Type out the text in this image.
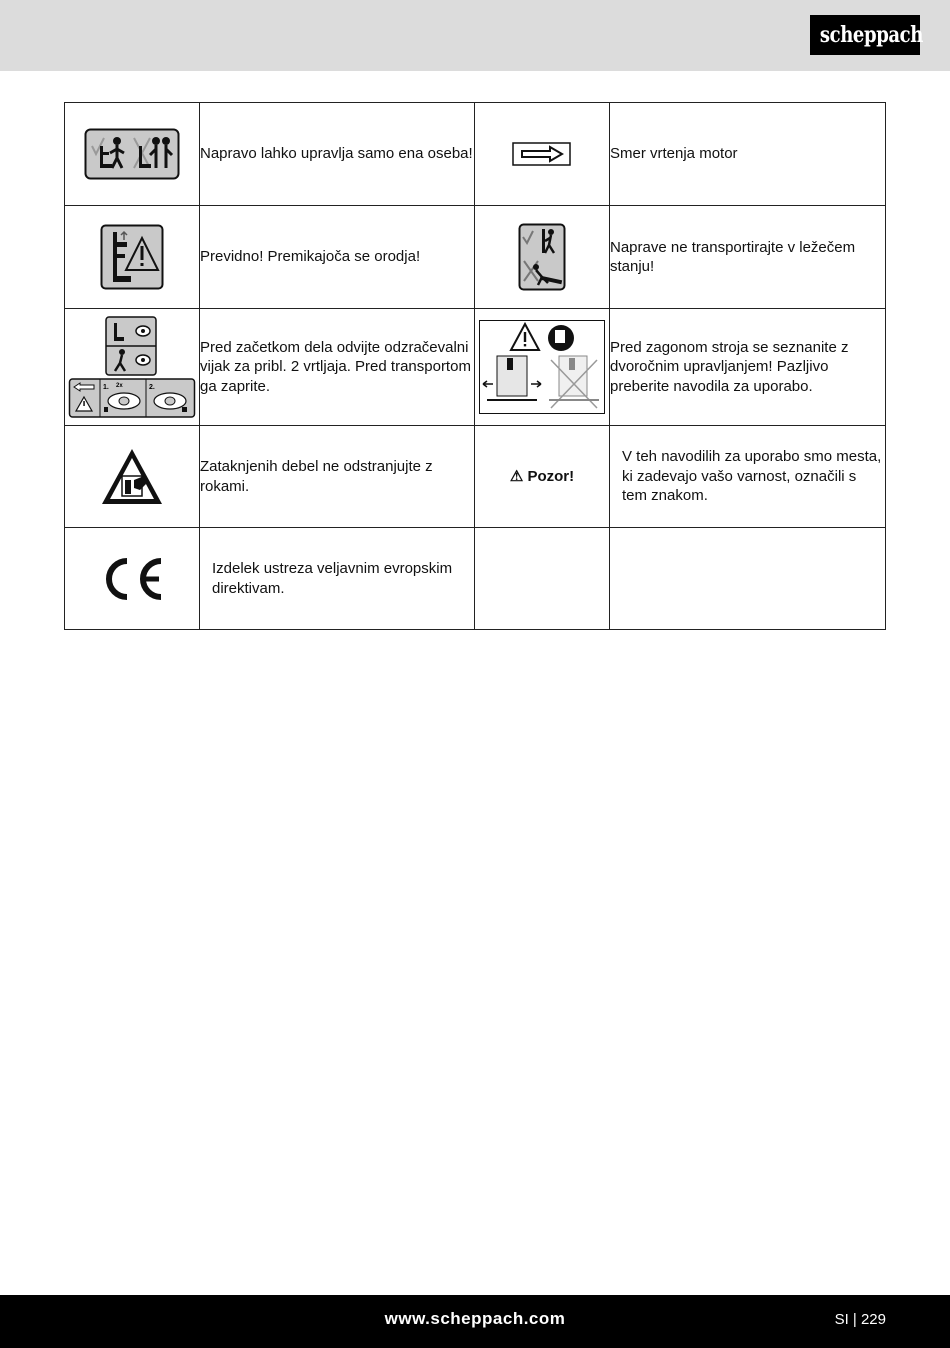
scheppach
	Napravo lahko upravlja samo ena oseba!		Smer vrtenja motor
	Previdno! Premikajoča se orodja!		Naprave ne transportirajte v ležečem stanju!

1. 2x 2.	Pred začetkom dela odvijte odzračevalni vijak za pribl. 2 vrtljaja. Pred transportom ga zaprite.		Pred zagonom stroja se seznanite z dvoročnim upravljanjem! Pazljivo preberite navodila za uporabo.
	Zataknjenih debel ne odstranjujte z rokami.	⚠ Pozor!	V teh navodilih za uporabo smo mesta, ki zadevajo vašo varnost, označili s tem znakom.
	Izdelek ustreza veljavnim evropskim direktivam.		
www.scheppach.com	SI | 229
